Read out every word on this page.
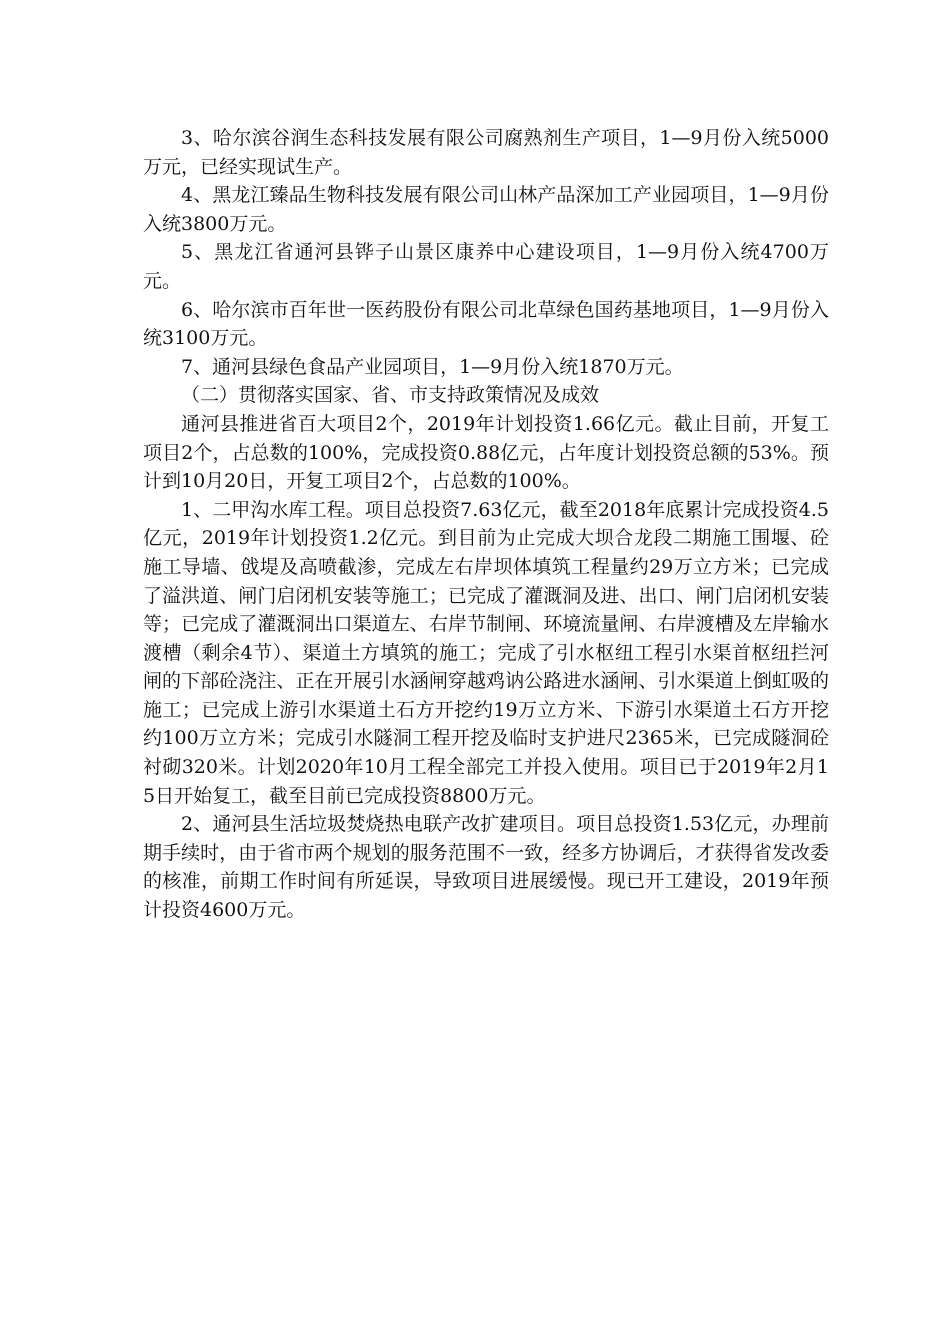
3、哈尔滨谷润生态科技发展有限公司腐熟剂生产项目，1—9月份入统5000万元，已经实现试生产。

4、黑龙江臻品生物科技发展有限公司山林产品深加工产业园项目，1—9月份入统3800万元。

5、黑龙江省通河县铧子山景区康养中心建设项目，1—9月份入统4700万元。

6、哈尔滨市百年世一医药股份有限公司北草绿色国药基地项目，1—9月份入统3100万元。

7、通河县绿色食品产业园项目，1—9月份入统1870万元。

（二）贯彻落实国家、省、市支持政策情况及成效

通河县推进省百大项目2个，2019年计划投资1.66亿元。截止目前，开复工项目2个，占总数的100%，完成投资0.88亿元，占年度计划投资总额的53%。预计到10月20日，开复工项目2个，占总数的100%。

1、二甲沟水库工程。项目总投资7.63亿元，截至2018年底累计完成投资4.5亿元，2019年计划投资1.2亿元。到目前为止完成大坝合龙段二期施工围堰、砼施工导墙、戗堤及高喷截渗，完成左右岸坝体填筑工程量约29万立方米；已完成了溢洪道、闸门启闭机安装等施工；已完成了灌溉洞及进、出口、闸门启闭机安装等；已完成了灌溉洞出口渠道左、右岸节制闸、环境流量闸、右岸渡槽及左岸输水渡槽（剩余4节）、渠道土方填筑的施工；完成了引水枢纽工程引水渠首枢纽拦河闸的下部砼浇注、正在开展引水涵闸穿越鸡讷公路进水涵闸、引水渠道上倒虹吸的施工；已完成上游引水渠道土石方开挖约19万立方米、下游引水渠道土石方开挖约100万立方米；完成引水隧洞工程开挖及临时支护进尺2365米，已完成隧洞砼衬砌320米。计划2020年10月工程全部完工并投入使用。项目已于2019年2月15日开始复工，截至目前已完成投资8800万元。

2、通河县生活垃圾焚烧热电联产改扩建项目。项目总投资1.53亿元，办理前期手续时，由于省市两个规划的服务范围不一致，经多方协调后，才获得省发改委的核准，前期工作时间有所延误，导致项目进展缓慢。现已开工建设，2019年预计投资4600万元。
